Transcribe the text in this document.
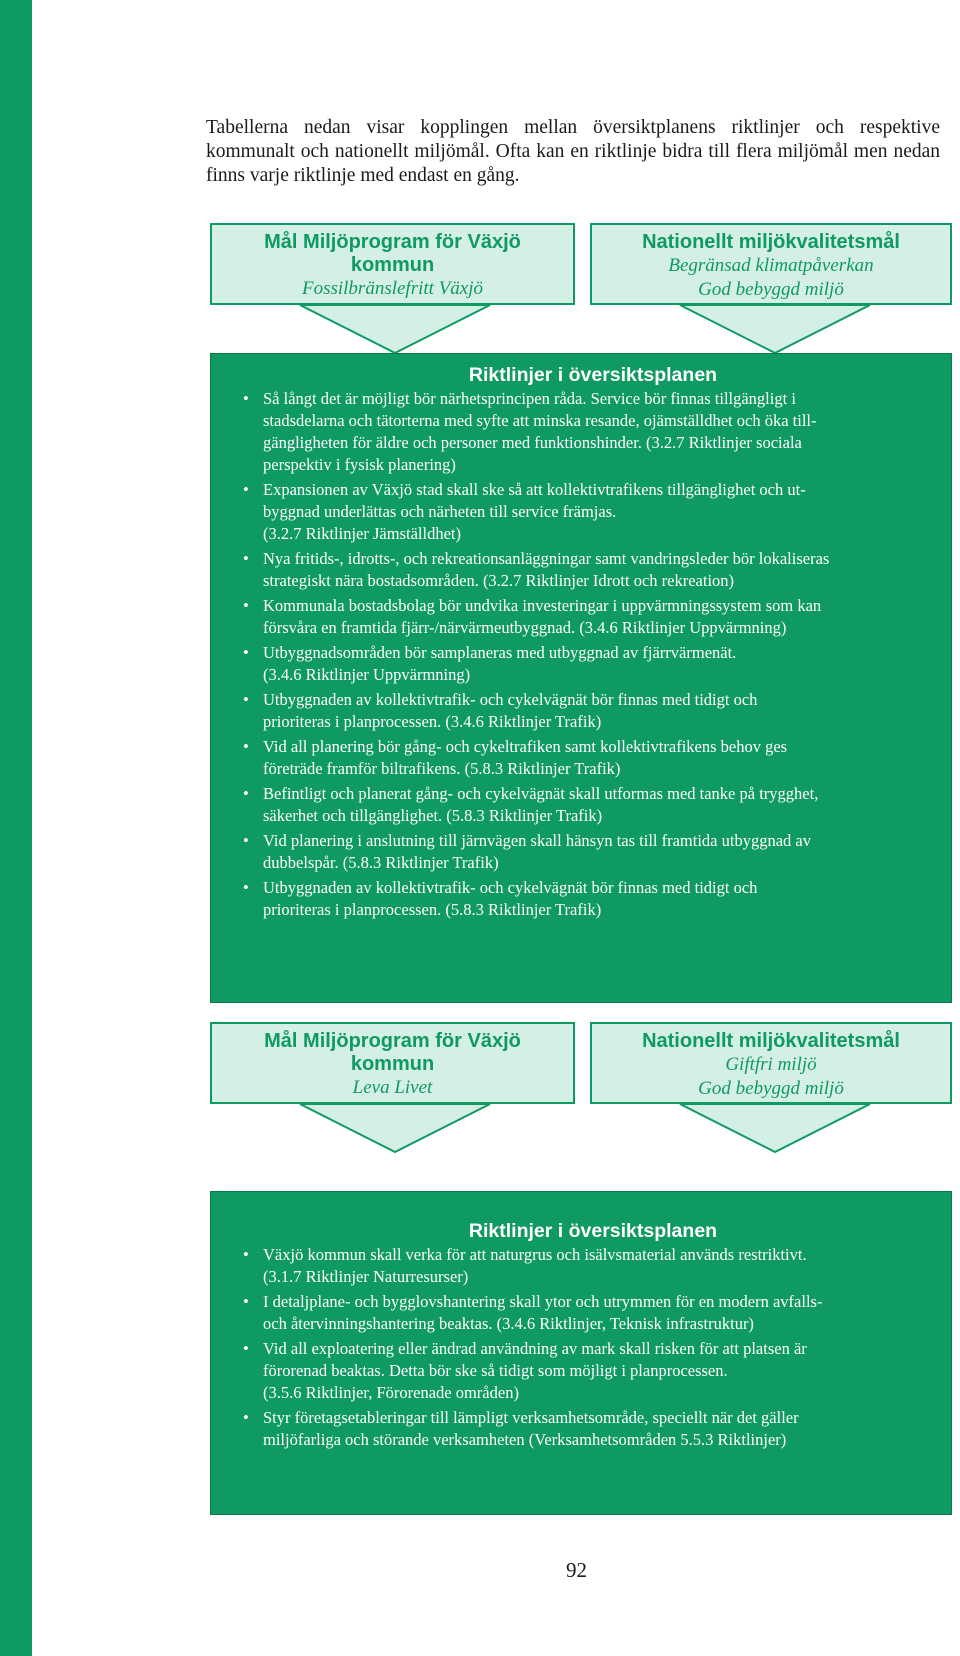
Tabellerna nedan visar kopplingen mellan översiktplanens riktlinjer och respektive kommunalt och nationellt miljömål. Ofta kan en riktlinje bidra till flera miljömål men nedan finns varje riktlinje med endast en gång.

Mål Miljöprogram för Växjö kommun
Fossilbränslefritt Växjö
Nationellt miljökvalitetsmål
Begränsad klimatpåverkan
God bebyggd miljö
Riktlinjer i översiktsplanen
• Så långt det är möjligt bör närhetsprincipen råda. Service bör finnas tillgängligt i
stadsdelarna och tätorterna med syfte att minska resande, ojämställdhet och öka till-
gängligheten för äldre och personer med funktionshinder. (3.2.7 Riktlinjer sociala
perspektiv i fysisk planering)
• Expansionen av Växjö stad skall ske så att kollektivtrafikens tillgänglighet och ut-
byggnad underlättas och närheten till service främjas.
(3.2.7 Riktlinjer Jämställdhet)
• Nya fritids-, idrotts-, och rekreationsanläggningar samt vandringsleder bör lokaliseras
strategiskt nära bostadsområden. (3.2.7 Riktlinjer Idrott och rekreation)
• Kommunala bostadsbolag bör undvika investeringar i uppvärmningssystem som kan
försvåra en framtida fjärr-/närvärmeutbyggnad. (3.4.6 Riktlinjer Uppvärmning)
• Utbyggnadsområden bör samplaneras med utbyggnad av fjärrvärmenät.
(3.4.6 Riktlinjer Uppvärmning)
• Utbyggnaden av kollektivtrafik- och cykelvägnät bör finnas med tidigt och
prioriteras i planprocessen. (3.4.6 Riktlinjer Trafik)
• Vid all planering bör gång- och cykeltrafiken samt kollektivtrafikens behov ges
företräde framför biltrafikens. (5.8.3 Riktlinjer Trafik)
• Befintligt och planerat gång- och cykelvägnät skall utformas med tanke på trygghet,
säkerhet och tillgänglighet. (5.8.3 Riktlinjer Trafik)
• Vid planering i anslutning till järnvägen skall hänsyn tas till framtida utbyggnad av
dubbelspår. (5.8.3 Riktlinjer Trafik)
• Utbyggnaden av kollektivtrafik- och cykelvägnät bör finnas med tidigt och
prioriteras i planprocessen. (5.8.3 Riktlinjer Trafik)
Mål Miljöprogram för Växjö kommun
Leva Livet
Nationellt miljökvalitetsmål
Giftfri miljö
God bebyggd miljö
Riktlinjer i översiktsplanen
• Växjö kommun skall verka för att naturgrus och isälvsmaterial används restriktivt.
(3.1.7 Riktlinjer Naturresurser)
• I detaljplane- och bygglovshantering skall ytor och utrymmen för en modern avfalls-
och återvinningshantering beaktas. (3.4.6 Riktlinjer, Teknisk infrastruktur)
• Vid all exploatering eller ändrad användning av mark skall risken för att platsen är
förorenad beaktas. Detta bör ske så tidigt som möjligt i planprocessen.
(3.5.6 Riktlinjer, Förorenade områden)
• Styr företagsetableringar till lämpligt verksamhetsområde, speciellt när det gäller
miljöfarliga och störande verksamheten (Verksamhetsområden 5.5.3 Riktlinjer)
92
